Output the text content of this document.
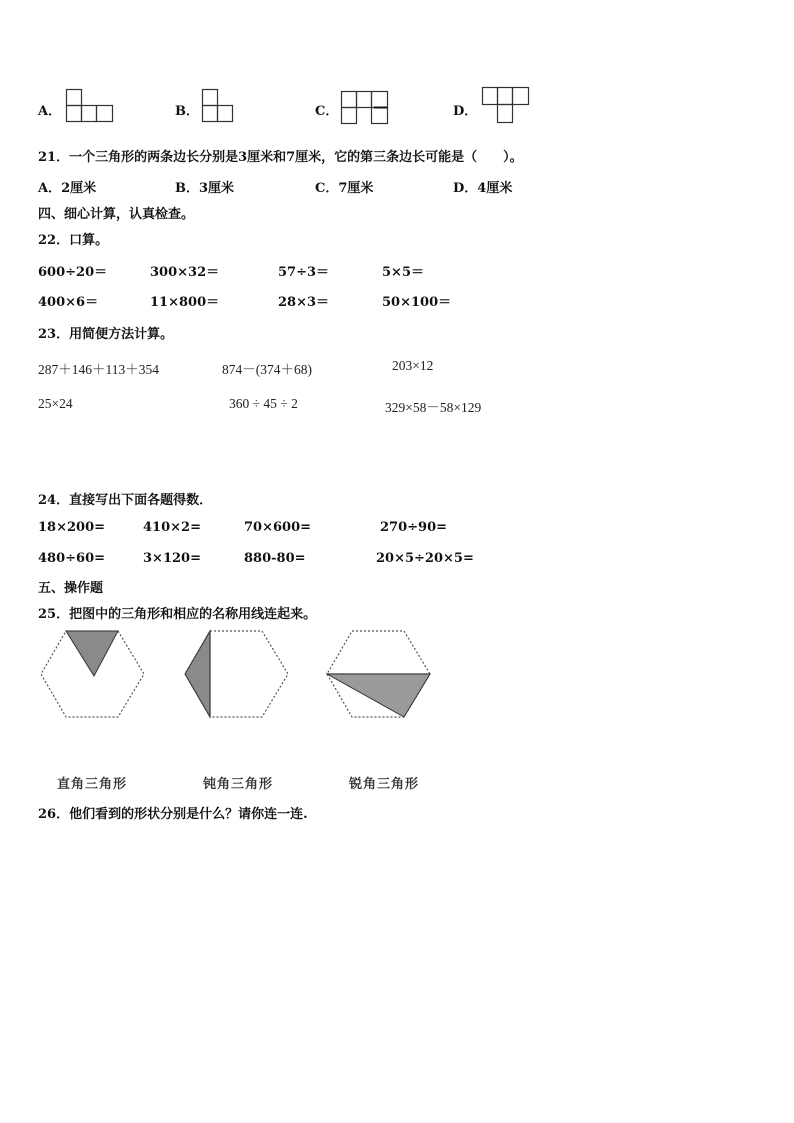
A．	B．	C．	D．
21．一个三角形的两条边长分别是3厘米和7厘米，它的第三条边长可能是（　　）。
A．2厘米	B．3厘米	C．7厘米	D．4厘米
四、细心计算，认真检查。
22．口算。
600÷20＝	300×32＝	57÷3＝	5×5＝
400×6＝	11×800＝	28×3＝	50×100＝
23．用简便方法计算。
287＋146＋113＋354	874－(374＋68)	203×12
25×24	360 ÷ 45 ÷ 2	329×58－58×129
24．直接写出下面各题得数．
18×200=	410×2=	70×600=	270÷90=
480÷60=	3×120=	880-80=	20×5÷20×5=
五、操作题
25．把图中的三角形和相应的名称用线连起来。
直角三角形	钝角三角形	锐角三角形
26．他们看到的形状分别是什么？请你连一连.
